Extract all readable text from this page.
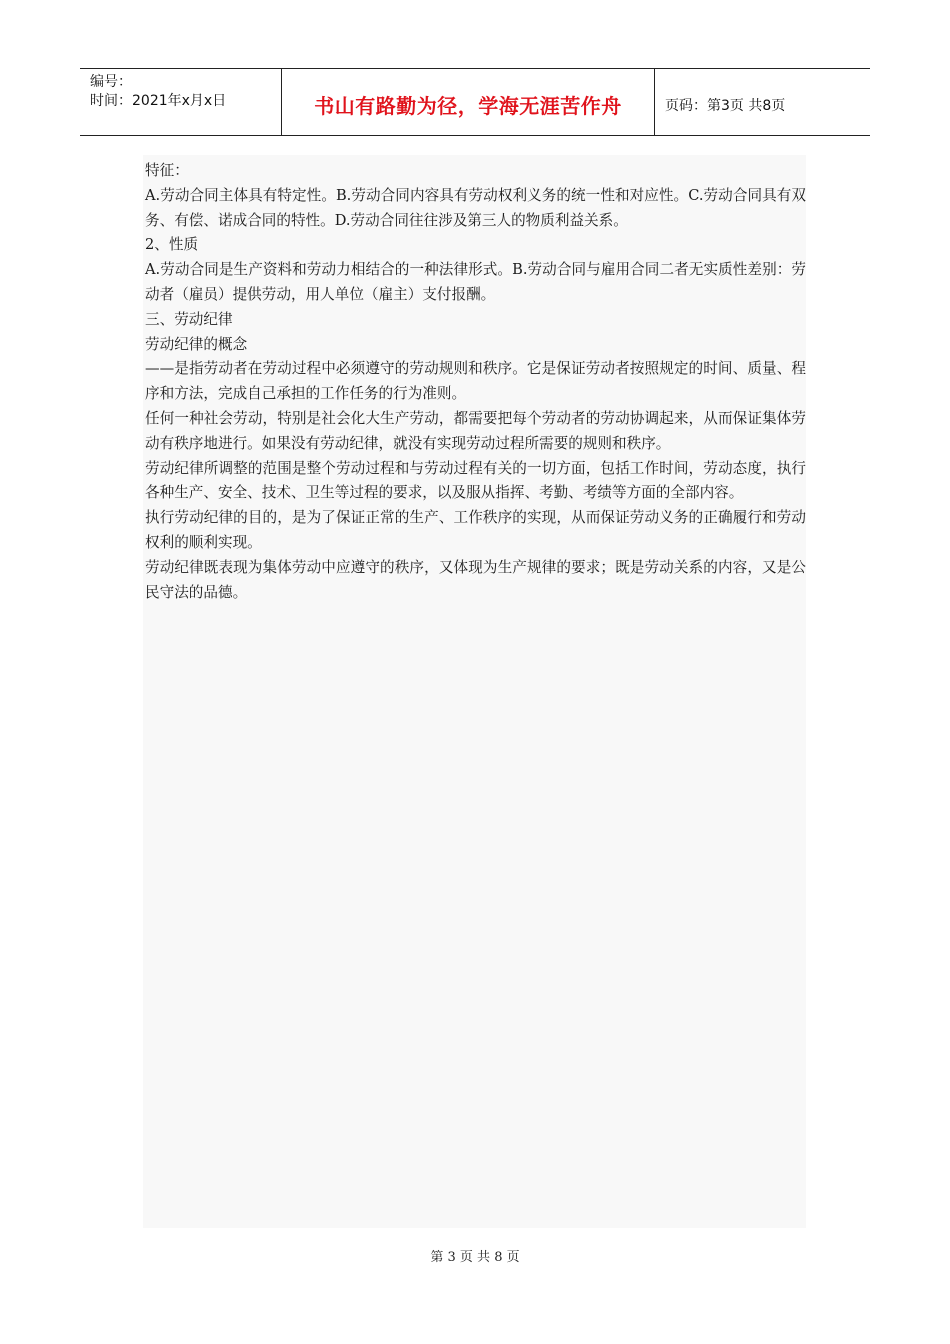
编号：
时间：2021年x月x日	书山有路勤为径，学海无涯苦作舟	页码：第3页 共8页

特征：

A.劳动合同主体具有特定性。B.劳动合同内容具有劳动权利义务的统一性和对应性。C.劳动合同具有双务、有偿、诺成合同的特性。D.劳动合同往往涉及第三人的物质利益关系。

2、性质

A.劳动合同是生产资料和劳动力相结合的一种法律形式。B.劳动合同与雇用合同二者无实质性差别：劳动者（雇员）提供劳动，用人单位（雇主）支付报酬。

三、劳动纪律

劳动纪律的概念

——是指劳动者在劳动过程中必须遵守的劳动规则和秩序。它是保证劳动者按照规定的时间、质量、程序和方法，完成自己承担的工作任务的行为准则。

任何一种社会劳动，特别是社会化大生产劳动，都需要把每个劳动者的劳动协调起来，从而保证集体劳动有秩序地进行。如果没有劳动纪律，就没有实现劳动过程所需要的规则和秩序。

劳动纪律所调整的范围是整个劳动过程和与劳动过程有关的一切方面，包括工作时间，劳动态度，执行各种生产、安全、技术、卫生等过程的要求，以及服从指挥、考勤、考绩等方面的全部内容。

执行劳动纪律的目的，是为了保证正常的生产、工作秩序的实现，从而保证劳动义务的正确履行和劳动权利的顺利实现。

劳动纪律既表现为集体劳动中应遵守的秩序，又体现为生产规律的要求；既是劳动关系的内容，又是公民守法的品德。

第 3 页 共 8 页
